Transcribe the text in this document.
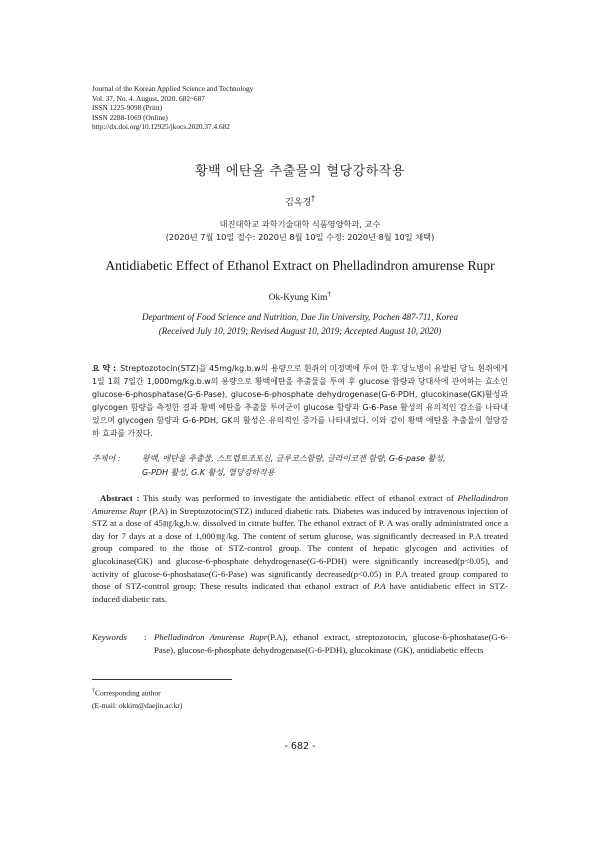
Journal of the Korean Applied Science and Technology
Vol. 37, No. 4. August, 2020. 682~687
ISSN 1225-9098 (Print)
ISSN 2288-1069 (Online)
http://dx.doi.org/10.12925/jkocs.2020.37.4.682
황백 에탄올 추출물의 혈당강하작용
김옥경†
대진대학교 과학기술대학 식품영양학과, 교수
(2020년 7월 10일 접수: 2020년 8월 10일 수정: 2020년 8월 10일 채택)
Antidiabetic Effect of Ethanol Extract on Phelladindron amurense Rupr
Ok-Kyung Kim†
Department of Food Science and Nutrition, Dae Jin University, Pochen 487-711, Korea
(Received July 10, 2019; Revised August 10, 2019; Accepted August 10, 2020)
요 약 : Streptozotocin(STZ)을 45mg/kg.b.w의 용량으로 흰쥐의 미정맥에 투여 한 후 당뇨병이 유발된 당뇨 흰쥐에게 1일 1회 7일간 1,000mg/kg.b.w의 용량으로 황백에탄올 추출물을 투여 후 glucose 함량과 당대사에 관여하는 효소인 glucose-6-phosphatase(G-6-Pase), glucose-6-phosphate dehydrogenase(G-6-PDH, glucokinase(GK)활성과 glycogen 함량을 측정한 결과 황백 에탄올 추출물 투여군이 glucose 함량과 G-6-Pase 활성의 유의적인 감소를 나타내었으며 glycogen 함량과 G-6-PDH, GK의 활성은 유의적인 증가를 나타내었다. 이와 같이 황백 에탄올 추출물이 혈당강하 효과를 가졌다.
주제어 :	황백, 에탄올 추출물, 스트렙토조토신, 글루코스함량, 글라이코겐 함량, G-6-pase 활성,
G-PDH 활성, G.K 활성, 혈당강하작용
Abstract : This study was performed to investigate the antidiabetic effect of ethanol extract of Phelladindron Amurense Rupr (P.A) in Streptozotocin(STZ) induced diabetic rats. Diabetes was induced by intravenous injection of STZ at a dose of 45㎎/kg,b.w. dissolved in citrate buffer. The ethanol extract of P. A was orally administrated once a day for 7 days at a dose of 1,000㎎/kg. The content of serum glucose, was significantly decreased in P.A treated group compared to the those of STZ-control group. The content of hepatic glycogen and activities of glucokinase(GK) and glucose-6-phosphate dehydrogenase(G-6-PDH) were significantly increased(p<0.05), and activity of glucose-6-phoshatase(G-6-Pase) was significantly decreased(p<0.05) in P.A treated group compared to those of STZ-control group; These results indicated that ethanol extract of P.A have antidiabetic effect in STZ-induced diabetic rats.
Keywords : Phelladindron Amurense Rupr(P.A), ethanol extract, streptozotocin, glucose-6-phoshatase(G-6-Pase), glucose-6-phosphate dehydrogenase(G-6-PDH), glucokinase (GK), antidiabetic effects
†Corresponding author
(E-mail: okkim@daejin.ac.kr)
- 682 -
